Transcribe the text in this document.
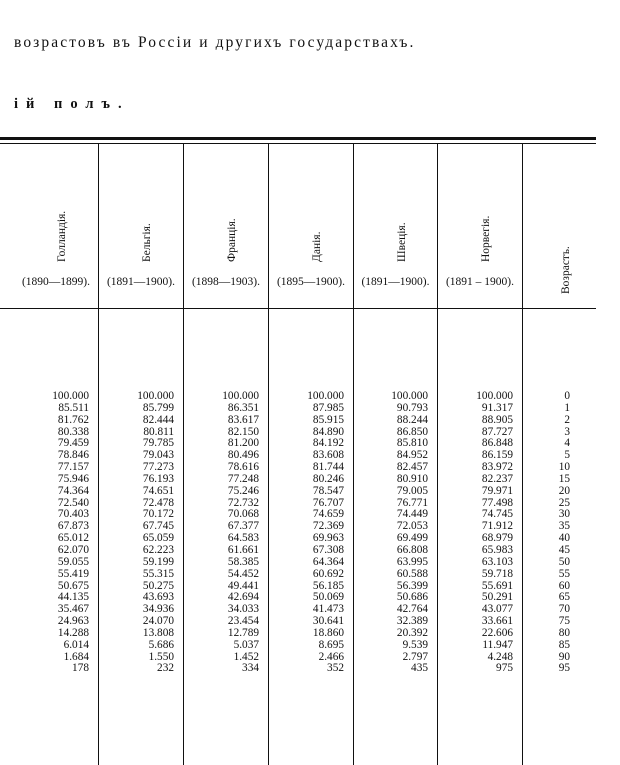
возрастовъ въ Россіи и другихъ государствахъ.
ій полъ.
Голландія.
(1890—1899).
100.000
85.511
81.762
80.338
79.459
78.846
77.157
75.946
74.364
72.540
70.403
67.873
65.012
62.070
59.055
55.419
50.675
44.135
35.467
24.963
14.288
6.014
1.684
178
Бельгія.
(1891—1900).
100.000
85.799
82.444
80.811
79.785
79.043
77.273
76.193
74.651
72.478
70.172
67.745
65.059
62.223
59.199
55.315
50.275
43.693
34.936
24.070
13.808
5.686
1.550
232
Франція.
(1898—1903).
100.000
86.351
83.617
82.150
81.200
80.496
78.616
77.248
75.246
72.732
70.068
67.377
64.583
61.661
58.385
54.452
49.441
42.694
34.033
23.454
12.789
5.037
1.452
334
Данія.
(1895—1900).
100.000
87.985
85.915
84.890
84.192
83.608
81.744
80.246
78.547
76.707
74.659
72.369
69.963
67.308
64.364
60.692
56.185
50.069
41.473
30.641
18.860
8.695
2.466
352
Швеція.
(1891—1900).
100.000
90.793
88.244
86.850
85.810
84.952
82.457
80.910
79.005
76.771
74.449
72.053
69.499
66.808
63.995
60.588
56.399
50.686
42.764
32.389
20.392
9.539
2.797
435
Норвегія.
(1891 – 1900).
100.000
91.317
88.905
87.727
86.848
86.159
83.972
82.237
79.971
77.498
74.745
71.912
68.979
65.983
63.103
59.718
55.691
50.291
43.077
33.661
22.606
11.947
4.248
975
Возрастъ.
0
1
2
3
4
5
10
15
20
25
30
35
40
45
50
55
60
65
70
75
80
85
90
95
